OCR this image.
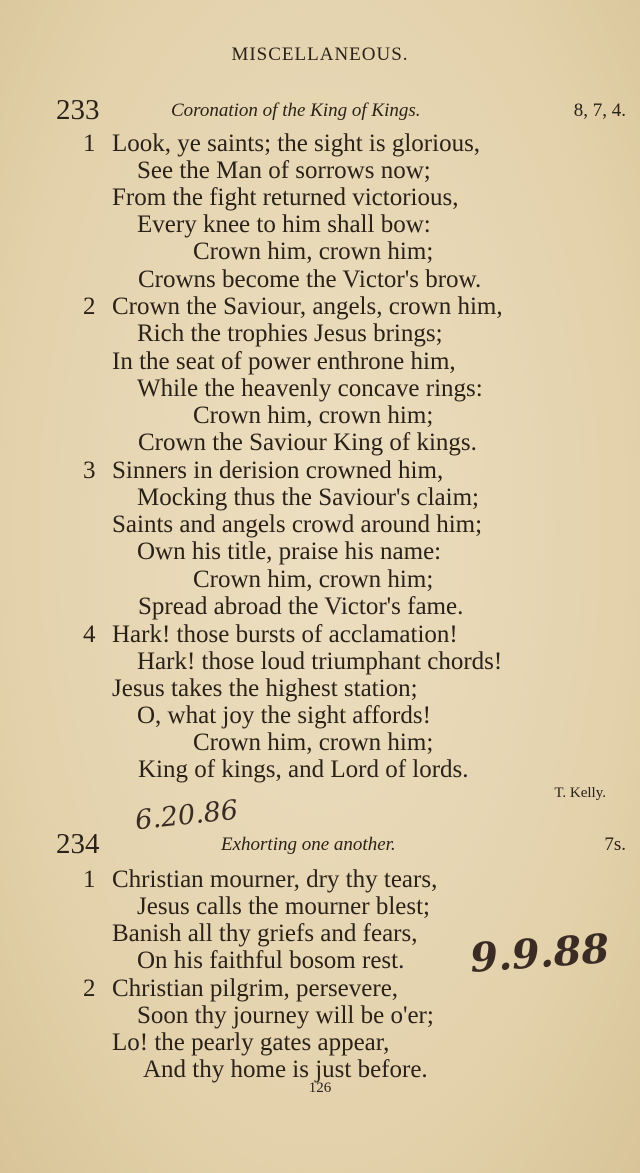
MISCELLANEOUS.
233	Coronation of the King of Kings.	8, 7, 4.
1 Look, ye saints; the sight is glorious,
See the Man of sorrows now;
From the fight returned victorious,
Every knee to him shall bow:
Crown him, crown him;
Crowns become the Victor's brow.
2 Crown the Saviour, angels, crown him,
Rich the trophies Jesus brings;
In the seat of power enthrone him,
While the heavenly concave rings:
Crown him, crown him;
Crown the Saviour King of kings.
3 Sinners in derision crowned him,
Mocking thus the Saviour's claim;
Saints and angels crowd around him;
Own his title, praise his name:
Crown him, crown him;
Spread abroad the Victor's fame.
4 Hark! those bursts of acclamation!
Hark! those loud triumphant chords!
Jesus takes the highest station;
O, what joy the sight affords!
Crown him, crown him;
King of kings, and Lord of lords.
T. Kelly.
6.20.86
234	Exhorting one another.	7s.
1 Christian mourner, dry thy tears,
Jesus calls the mourner blest;
Banish all thy griefs and fears,
On his faithful bosom rest. 9.9.88
2 Christian pilgrim, persevere,
Soon thy journey will be o'er;
Lo! the pearly gates appear,
And thy home is just before.
126
